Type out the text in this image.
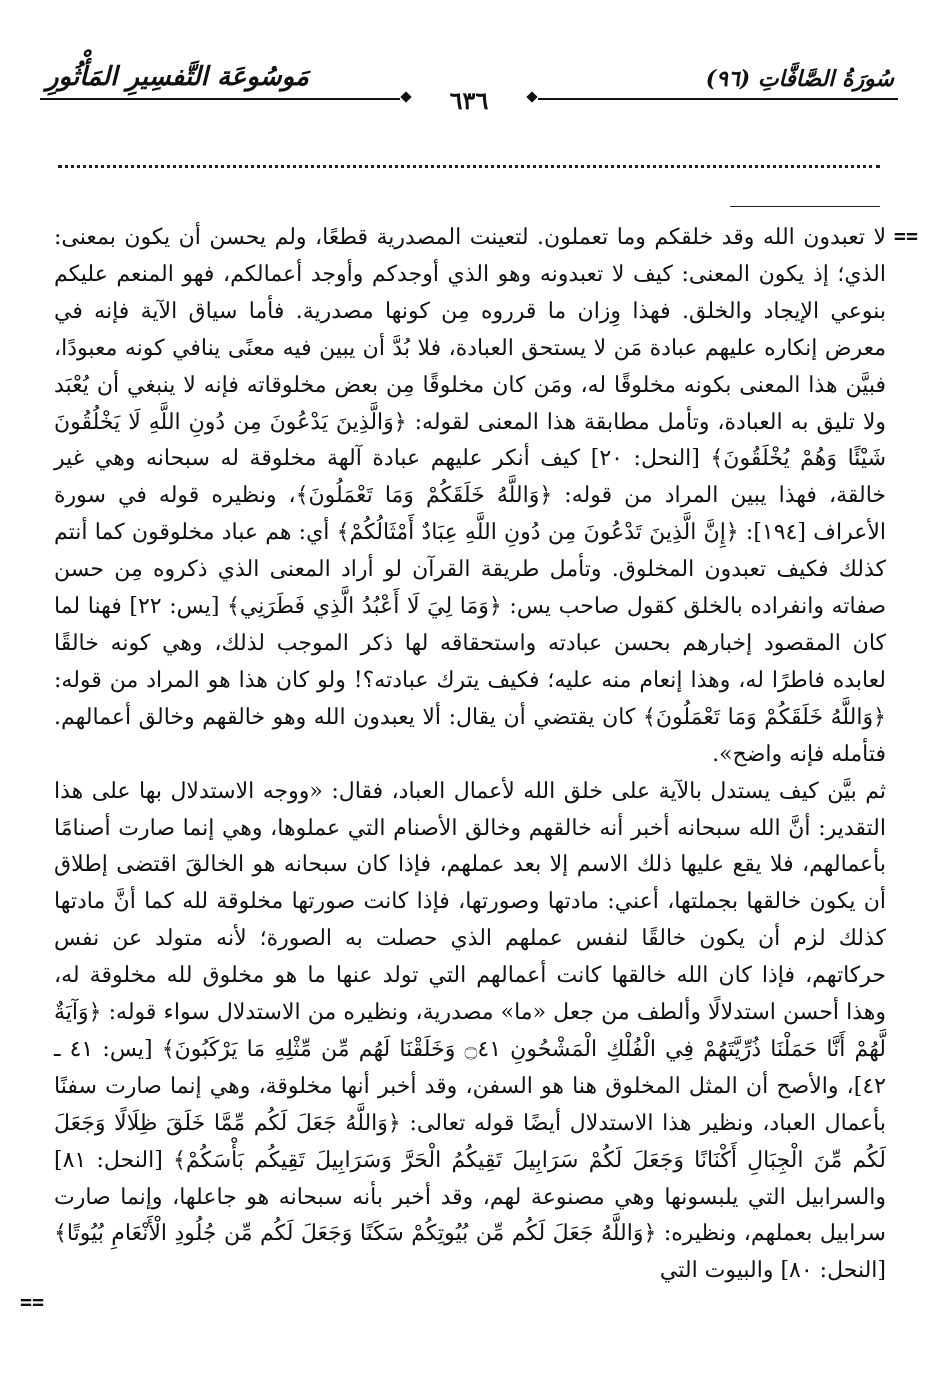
مَوسُوعَة التَّفسِيرِ المَأْثُورِ	سُورَةُ الصَّافَّاتِ (٩٦)
٦٣٦
==

لا تعبدون الله وقد خلقكم وما تعملون. لتعينت المصدرية قطعًا، ولم يحسن أن يكون بمعنى: الذي؛ إذ يكون المعنى: كيف لا تعبدونه وهو الذي أوجدكم وأوجد أعمالكم، فهو المنعم عليكم بنوعي الإيجاد والخلق. فهذا وِزان ما قرروه مِن كونها مصدرية. فأما سياق الآية فإنه في معرض إنكاره عليهم عبادة مَن لا يستحق العبادة، فلا بُدَّ أن يبين فيه معنًى ينافي كونه معبودًا، فبيَّن هذا المعنى بكونه مخلوقًا له، ومَن كان مخلوقًا مِن بعض مخلوقاته فإنه لا ينبغي أن يُعْبَد ولا تليق به العبادة، وتأمل مطابقة هذا المعنى لقوله: ﴿وَالَّذِينَ يَدْعُونَ مِن دُونِ اللَّهِ لَا يَخْلُقُونَ شَيْئًا وَهُمْ يُخْلَقُونَ﴾ [النحل: ٢٠] كيف أنكر عليهم عبادة آلهة مخلوقة له سبحانه وهي غير خالقة، فهذا يبين المراد من قوله: ﴿وَاللَّهُ خَلَقَكُمْ وَمَا تَعْمَلُونَ﴾، ونظيره قوله في سورة الأعراف [١٩٤]: ﴿إِنَّ الَّذِينَ تَدْعُونَ مِن دُونِ اللَّهِ عِبَادٌ أَمْثَالُكُمْ﴾ أي: هم عباد مخلوقون كما أنتم كذلك فكيف تعبدون المخلوق. وتأمل طريقة القرآن لو أراد المعنى الذي ذكروه مِن حسن صفاته وانفراده بالخلق كقول صاحب يس: ﴿وَمَا لِيَ لَا أَعْبُدُ الَّذِي فَطَرَنِي﴾ [يس: ٢٢] فهنا لما كان المقصود إخبارهم بحسن عبادته واستحقاقه لها ذكر الموجب لذلك، وهي كونه خالقًا لعابده فاطرًا له، وهذا إنعام منه عليه؛ فكيف يترك عبادته؟! ولو كان هذا هو المراد من قوله: ﴿وَاللَّهُ خَلَقَكُمْ وَمَا تَعْمَلُونَ﴾ كان يقتضي أن يقال: ألا يعبدون الله وهو خالقهم وخالق أعمالهم. فتأمله فإنه واضح».

ثم بيَّن كيف يستدل بالآية على خلق الله لأعمال العباد، فقال: «ووجه الاستدلال بها على هذا التقدير: أنَّ الله سبحانه أخبر أنه خالقهم وخالق الأصنام التي عملوها، وهي إنما صارت أصنامًا بأعمالهم، فلا يقع عليها ذلك الاسم إلا بعد عملهم، فإذا كان سبحانه هو الخالقَ اقتضى إطلاق أن يكون خالقها بجملتها، أعني: مادتها وصورتها، فإذا كانت صورتها مخلوقة لله كما أنَّ مادتها كذلك لزم أن يكون خالقًا لنفس عملهم الذي حصلت به الصورة؛ لأنه متولد عن نفس حركاتهم، فإذا كان الله خالقها كانت أعمالهم التي تولد عنها ما هو مخلوق لله مخلوقة له، وهذا أحسن استدلالًا وألطف من جعل «ما» مصدرية، ونظيره من الاستدلال سواء قوله: ﴿وَآيَةٌ لَّهُمْ أَنَّا حَمَلْنَا ذُرِّيَّتَهُمْ فِي الْفُلْكِ الْمَشْحُونِ ۝٤١ وَخَلَقْنَا لَهُم مِّن مِّثْلِهِ مَا يَرْكَبُونَ﴾ [يس: ٤١ ـ ٤٢]، والأصح أن المثل المخلوق هنا هو السفن، وقد أخبر أنها مخلوقة، وهي إنما صارت سفنًا بأعمال العباد، ونظير هذا الاستدلال أيضًا قوله تعالى: ﴿وَاللَّهُ جَعَلَ لَكُم مِّمَّا خَلَقَ ظِلَالًا وَجَعَلَ لَكُم مِّنَ الْجِبَالِ أَكْنَانًا وَجَعَلَ لَكُمْ سَرَابِيلَ تَقِيكُمُ الْحَرَّ وَسَرَابِيلَ تَقِيكُم بَأْسَكُمْ﴾ [النحل: ٨١] والسرابيل التي يلبسونها وهي مصنوعة لهم، وقد أخبر بأنه سبحانه هو جاعلها، وإنما صارت سرابيل بعملهم، ونظيره: ﴿وَاللَّهُ جَعَلَ لَكُم مِّن بُيُوتِكُمْ سَكَنًا وَجَعَلَ لَكُم مِّن جُلُودِ الْأَنْعَامِ بُيُوتًا﴾ [النحل: ٨٠] والبيوت التي

==
